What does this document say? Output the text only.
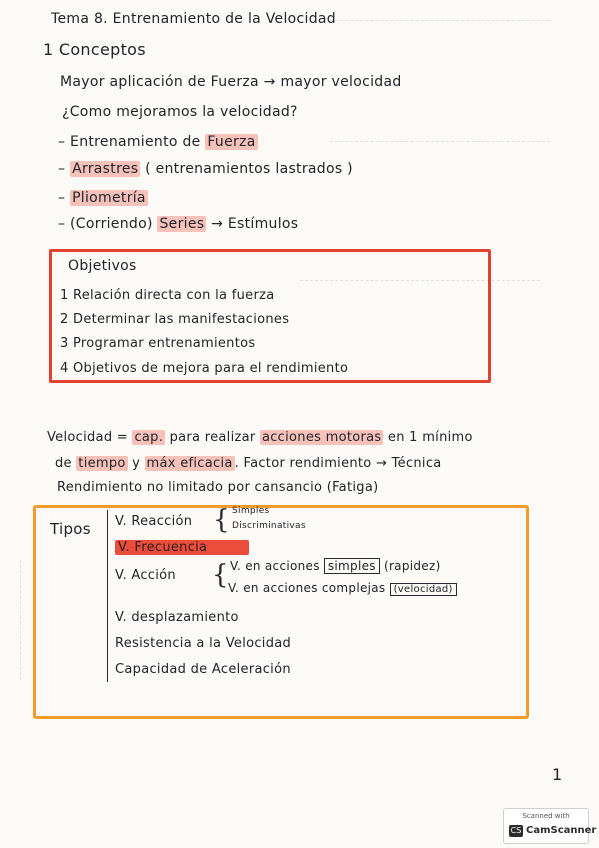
Tema 8. Entrenamiento de la Velocidad
1 Conceptos
Mayor aplicación de Fuerza → mayor velocidad
¿Como mejoramos la velocidad?
– Entrenamiento de Fuerza
– Arrastres ( entrenamientos lastrados )
– Pliometría
– (Corriendo) Series → Estímulos
Objetivos
1 Relación directa con la fuerza
2 Determinar las manifestaciones
3 Programar entrenamientos
4 Objetivos de mejora para el rendimiento
Velocidad = cap. para realizar acciones motoras en 1 mínimo
de tiempo y máx eficacia . Factor rendimiento → Técnica
Rendimiento no limitado por cansancio (Fatiga)
Tipos V. Reacción { Simples
Discriminativas
V. Frecuencia
V. Acción { V. en acciones simples (rapidez)
V. en acciones complejas (velocidad)
V. desplazamiento
Resistencia a la Velocidad
Capacidad de Aceleración
1
Scanned with
CS CamScanner
